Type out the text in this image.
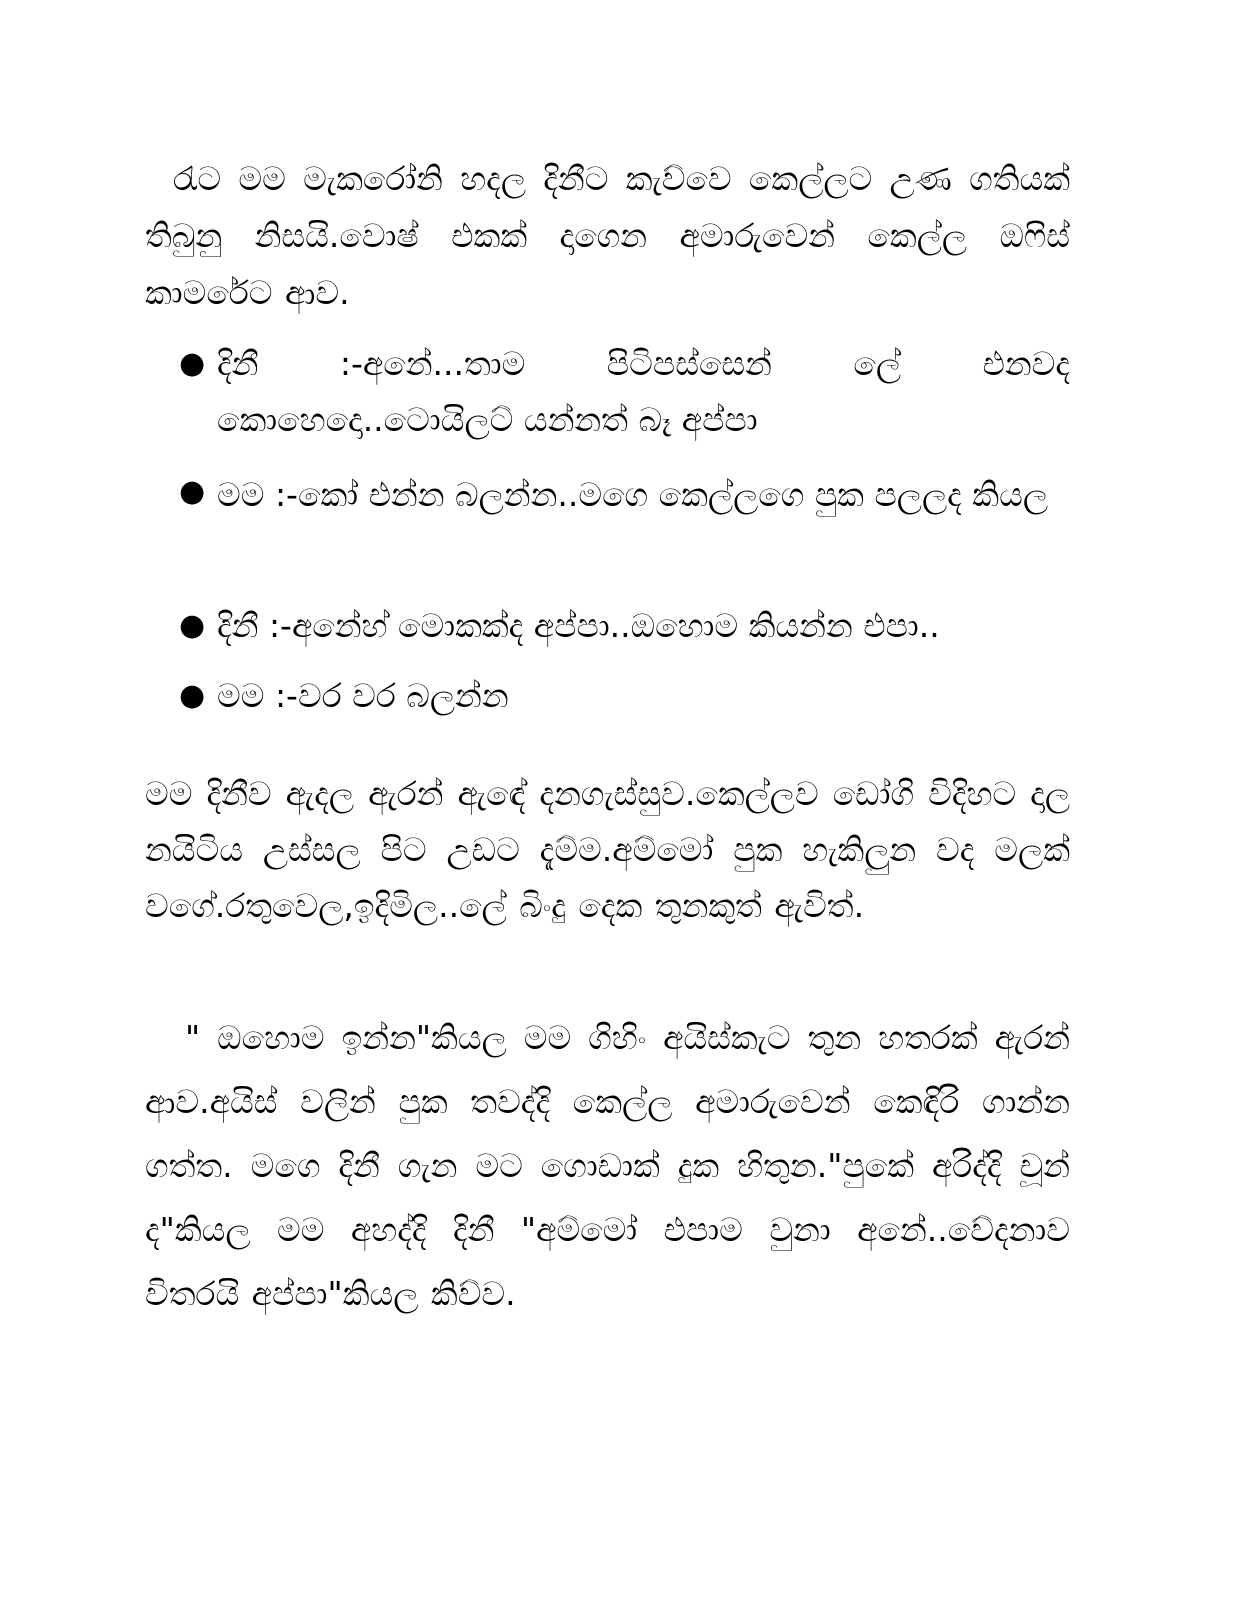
රැට මම මැකරෝනි හදල දිනීට කැව්වෙ කෙල්ලට උණ ගතියක් තිබුනු නිසයි.වොෂ් එකක් දාගෙන අමාරුවෙන් කෙල්ල ඔෆිස් කාමරේට ආව.

● දිනී :-අනේ...තාම පිටිපස්සෙන් ලේ එනවද කොහෙදො..ටොයිලට් යන්නත් බෑ අප්පා
● මම :-කෝ එන්න බලන්න..මගෙ කෙල්ලගෙ පුක පලලද කියල
● දිනී :-අනේහ් මොකක්ද අප්පා..ඔහොම කියන්න එපා..
● මම :-වර වර බලන්න

මම දිනීව ඇදල ඇරන් ඇඳේ දනගැස්සුව.කෙල්ලව ඩෝගි විදිහට දාල නයිටිය උස්සල පිට උඩට දැම්ම.අම්මෝ පුක හැකිලුන වද මලක් වගේ.රතුවෙල,ඉදිමිල..ලේ බිංදු දෙක තුනකුත් ඇවිත්.

" ඔහොම ඉන්න"කියල මම ගිහිං අයිස්කැට තුන හතරක් ඇරන් ආව.අයිස් වලින් පුක තවද්දි කෙල්ල අමාරුවෙන් කෙඳිරි ගාන්න ගත්ත. මගෙ දිනී ගැන මට ගොඩාක් දුක හිතුන."පුකේ අරිද්දි චූන් ද"කියල මම අහද්දි දිනී "අම්මෝ එපාම වුනා අනේ..වේදනාව විතරයි අප්පා"කියල කිව්ව.
